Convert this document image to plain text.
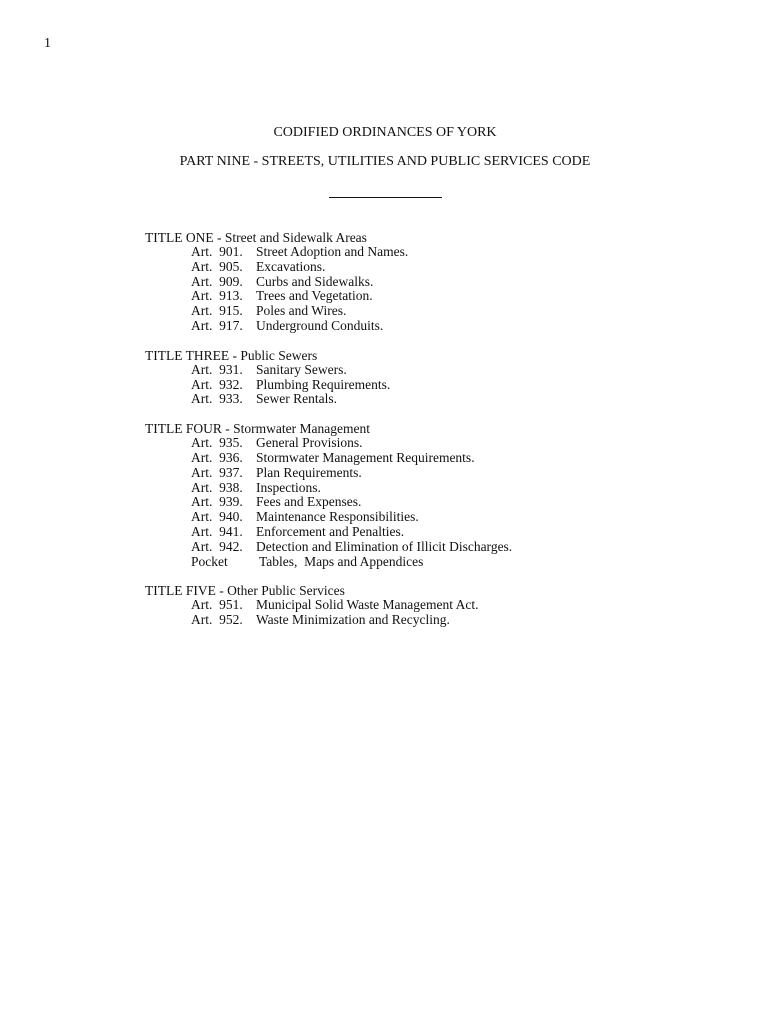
1
CODIFIED ORDINANCES OF YORK
PART NINE - STREETS, UTILITIES AND PUBLIC SERVICES CODE
TITLE ONE - Street and Sidewalk Areas
Art.  901. Street Adoption and Names.
Art.  905. Excavations.
Art.  909. Curbs and Sidewalks.
Art.  913. Trees and Vegetation.
Art.  915. Poles and Wires.
Art.  917. Underground Conduits.
TITLE THREE - Public Sewers
Art.  931. Sanitary Sewers.
Art.  932. Plumbing Requirements.
Art.  933. Sewer Rentals.
TITLE FOUR - Stormwater Management
Art.  935. General Provisions.
Art.  936. Stormwater Management Requirements.
Art.  937. Plan Requirements.
Art.  938. Inspections.
Art.  939. Fees and Expenses.
Art.  940. Maintenance Responsibilities.
Art.  941. Enforcement and Penalties.
Art.  942. Detection and Elimination of Illicit Discharges.
Pocket	Tables,  Maps and Appendices
TITLE FIVE - Other Public Services
Art.  951. Municipal Solid Waste Management Act.
Art.  952. Waste Minimization and Recycling.
